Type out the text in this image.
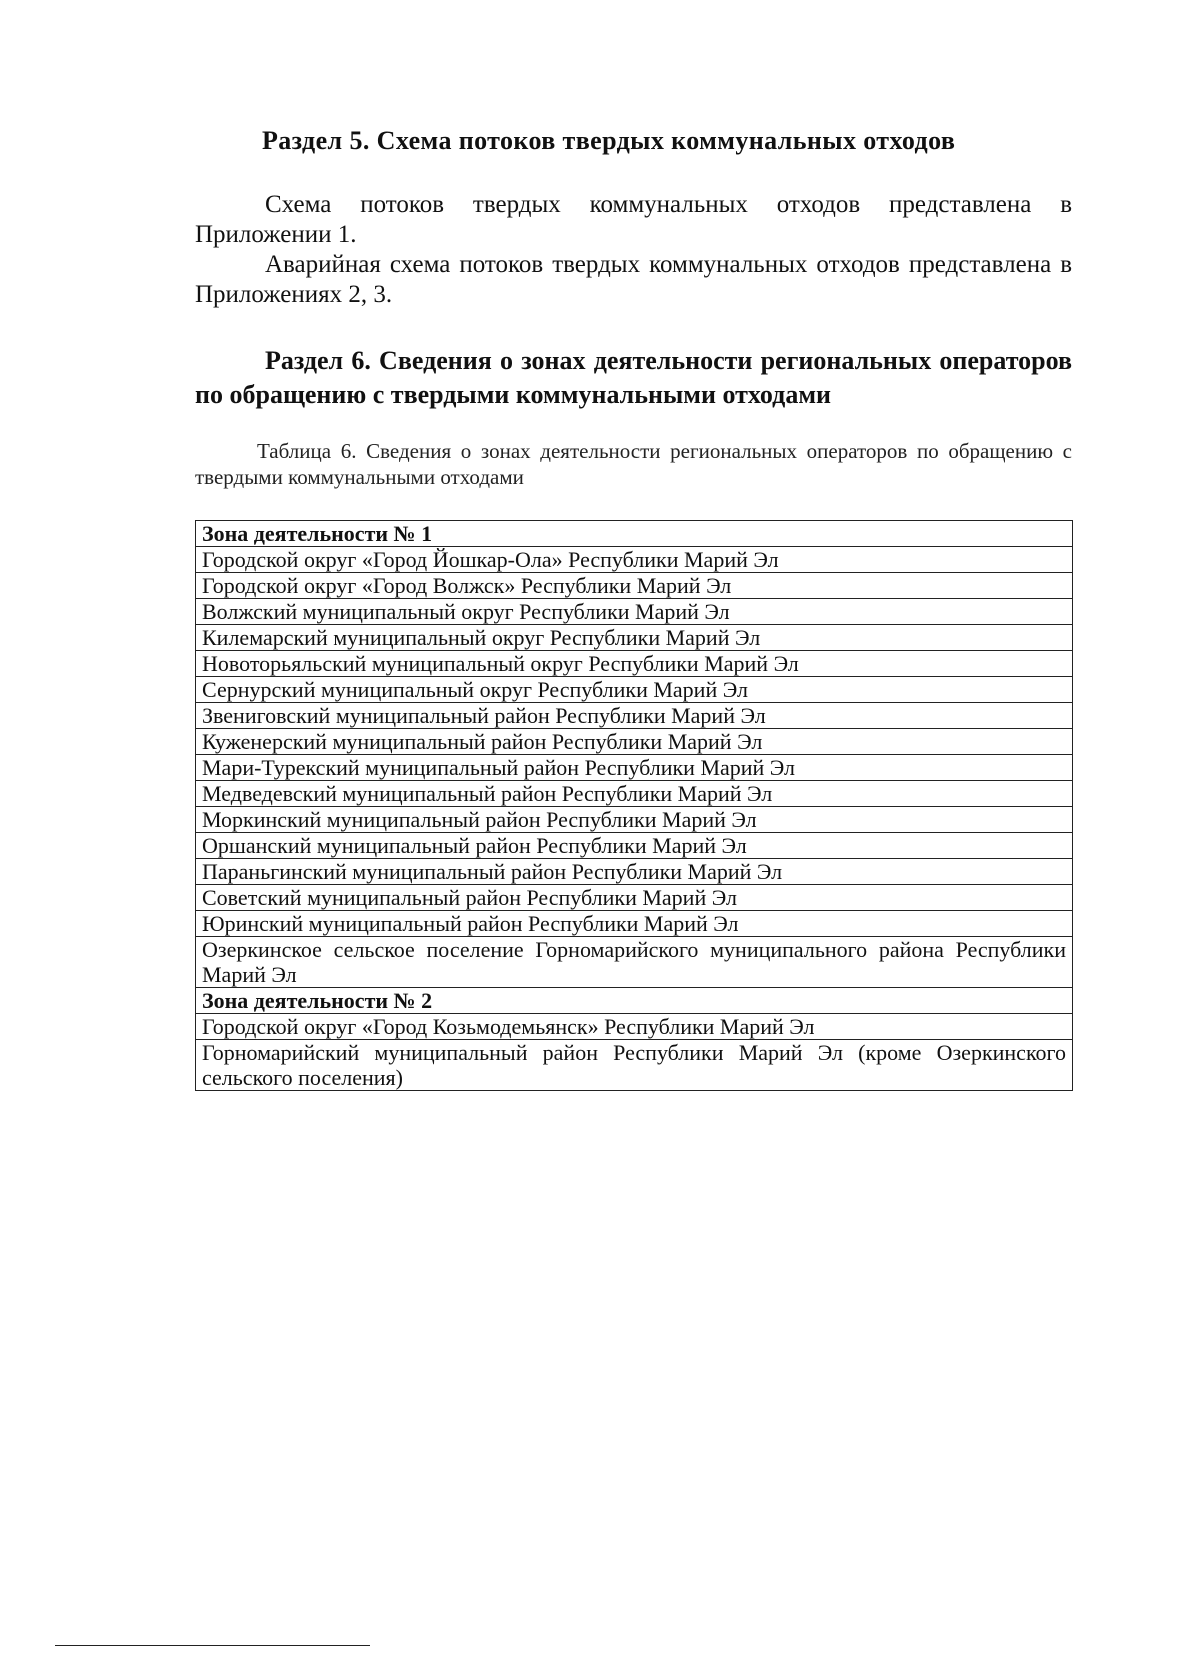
Раздел 5. Схема потоков твердых коммунальных отходов

Схема потоков твердых коммунальных отходов представлена в Приложении 1.

Аварийная схема потоков твердых коммунальных отходов представлена в Приложениях 2, 3.

Раздел 6. Сведения о зонах деятельности региональных операторов по обращению с твердыми коммунальными отходами

Таблица 6. Сведения о зонах деятельности региональных операторов по обращению с твердыми коммунальными отходами

Зона деятельности № 1
Городской округ «Город Йошкар-Ола» Республики Марий Эл
Городской округ «Город Волжск» Республики Марий Эл
Волжский муниципальный округ Республики Марий Эл
Килемарский муниципальный округ Республики Марий Эл
Новоторьяльский муниципальный округ Республики Марий Эл
Сернурский муниципальный округ Республики Марий Эл
Звениговский муниципальный район Республики Марий Эл
Куженерский муниципальный район Республики Марий Эл
Мари-Турекский муниципальный район Республики Марий Эл
Медведевский муниципальный район Республики Марий Эл
Моркинский муниципальный район Республики Марий Эл
Оршанский муниципальный район Республики Марий Эл
Параньгинский муниципальный район Республики Марий Эл
Советский муниципальный район Республики Марий Эл
Юринский муниципальный район Республики Марий Эл
Озеркинское сельское поселение Горномарийского муниципального района Республики Марий Эл
Зона деятельности № 2
Городской округ «Город Козьмодемьянск» Республики Марий Эл
Горномарийский муниципальный район Республики Марий Эл (кроме Озеркинского сельского поселения)
